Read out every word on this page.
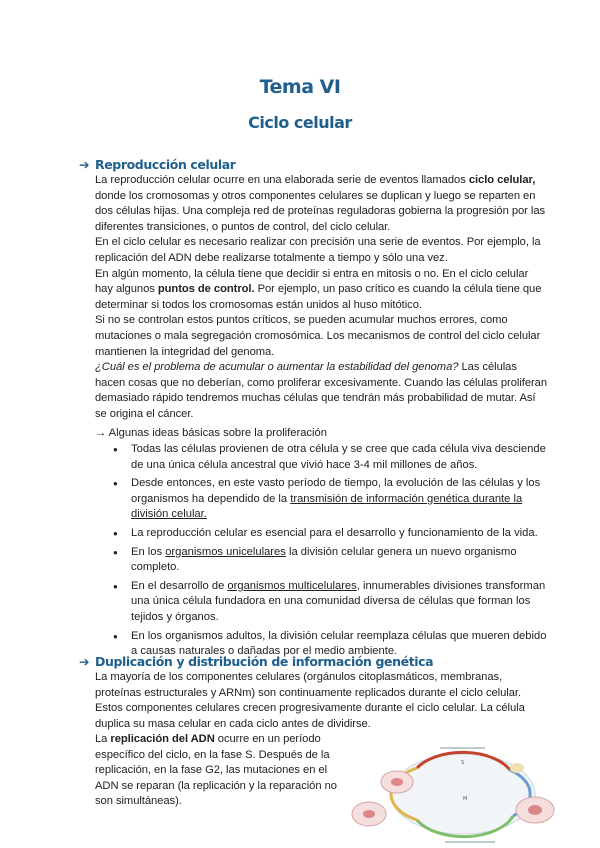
Tema VI
Ciclo celular
➔ Reproducción celular

La reproducción celular ocurre en una elaborada serie de eventos llamados ciclo celular, donde los cromosomas y otros componentes celulares se duplican y luego se reparten en dos células hijas. Una compleja red de proteínas reguladoras gobierna la progresión por las diferentes transiciones, o puntos de control, del ciclo celular.

En el ciclo celular es necesario realizar con precisión una serie de eventos. Por ejemplo, la replicación del ADN debe realizarse totalmente a tiempo y sólo una vez.

En algún momento, la célula tiene que decidir si entra en mitosis o no. En el ciclo celular hay algunos puntos de control. Por ejemplo, un paso crítico es cuando la célula tiene que determinar si todos los cromosomas están unidos al huso mitótico.

Si no se controlan estos puntos críticos, se pueden acumular muchos errores, como mutaciones o mala segregación cromosómica. Los mecanismos de control del ciclo celular mantienen la integridad del genoma.

¿Cuál es el problema de acumular o aumentar la estabilidad del genoma? Las células hacen cosas que no deberían, como proliferar excesivamente. Cuando las células proliferan demasiado rápido tendremos muchas células que tendrán más probabilidad de mutar. Así se origina el cáncer.

→ Algunas ideas básicas sobre la proliferación
● Todas las células provienen de otra célula y se cree que cada célula viva desciende de una única célula ancestral que vivió hace 3-4 mil millones de años.
● Desde entonces, en este vasto período de tiempo, la evolución de las células y los organismos ha dependido de la transmisión de información genética durante la división celular.
● La reproducción celular es esencial para el desarrollo y funcionamiento de la vida.
● En los organismos unicelulares la división celular genera un nuevo organismo completo.
● En el desarrollo de organismos multicelulares, innumerables divisiones transforman una única célula fundadora en una comunidad diversa de células que forman los tejidos y órganos.
● En los organismos adultos, la división celular reemplaza células que mueren debido a causas naturales o dañadas por el medio ambiente.
➔ Duplicación y distribución de información genética

La mayoría de los componentes celulares (orgánulos citoplasmáticos, membranas, proteínas estructurales y ARNm) son continuamente replicados durante el ciclo celular. Estos componentes celulares crecen progresivamente durante el ciclo celular. La célula duplica su masa celular en cada ciclo antes de dividirse.

La replicación del ADN ocurre en un período específico del ciclo, en la fase S. Después de la replicación, en la fase G2, las mutaciones en el ADN se reparan (la replicación y la reparación no son simultáneas).

S
M
